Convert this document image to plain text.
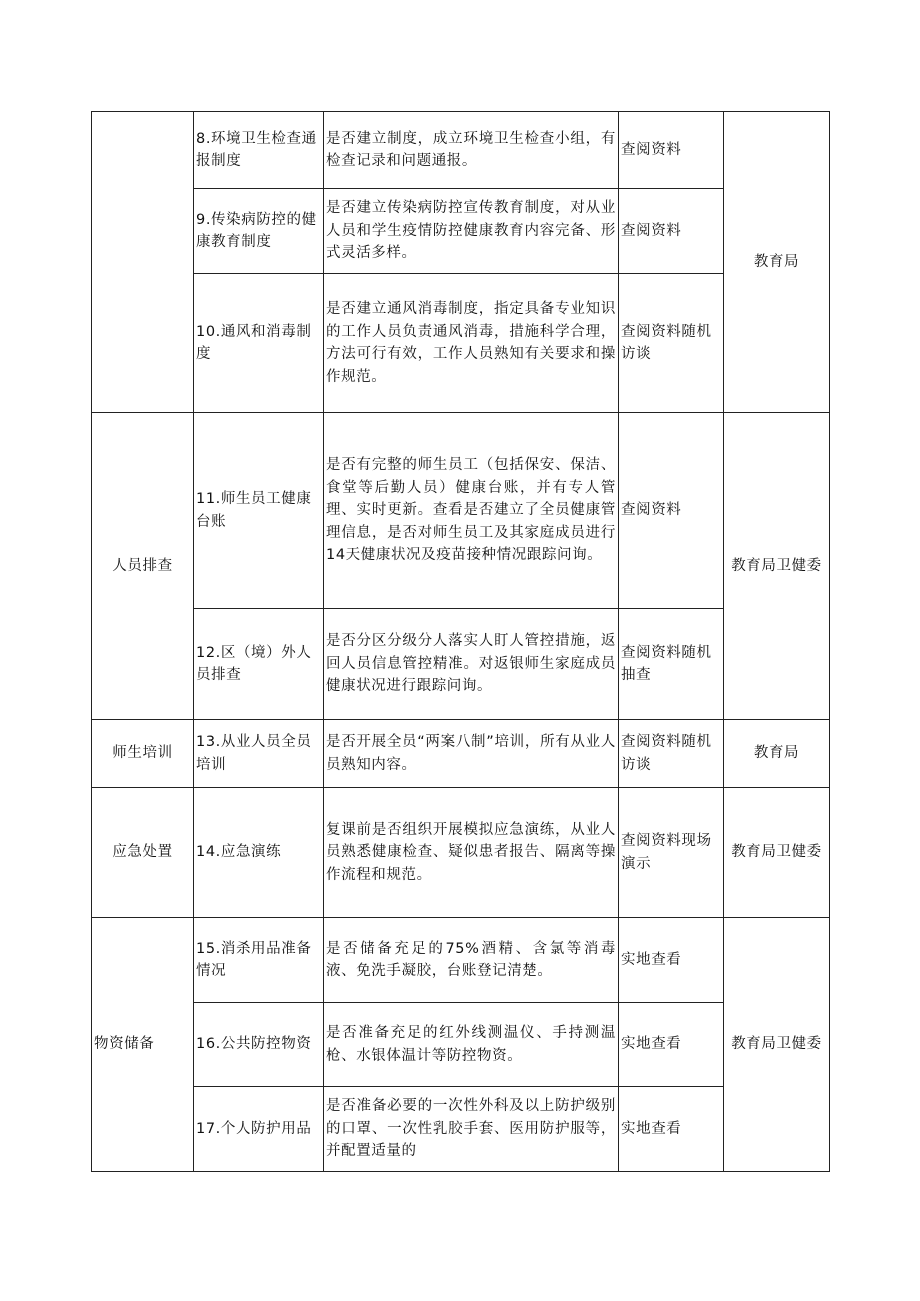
	8.环境卫生检查通报制度	是否建立制度，成立环境卫生检查小组，有检查记录和问题通报。	查阅资料	教育局
	9.传染病防控的健康教育制度	是否建立传染病防控宣传教育制度，对从业人员和学生疫情防控健康教育内容完备、形式灵活多样。	查阅资料	
	10.通风和消毒制度	是否建立通风消毒制度，指定具备专业知识的工作人员负责通风消毒，措施科学合理，方法可行有效，工作人员熟知有关要求和操作规范。	查阅资料随机访谈	
人员排查	11.师生员工健康台账	是否有完整的师生员工（包括保安、保洁、食堂等后勤人员）健康台账，并有专人管理、实时更新。查看是否建立了全员健康管理信息，是否对师生员工及其家庭成员进行14天健康状况及疫苗接种情况跟踪问询。	查阅资料	教育局卫健委
	12.区（境）外人员排查	是否分区分级分人落实人盯人管控措施，返回人员信息管控精准。对返银师生家庭成员健康状况进行跟踪问询。	查阅资料随机抽查	
师生培训	13.从业人员全员培训	是否开展全员“两案八制”培训，所有从业人员熟知内容。	查阅资料随机访谈	教育局
应急处置	14.应急演练	复课前是否组织开展模拟应急演练，从业人员熟悉健康检查、疑似患者报告、隔离等操作流程和规范。	查阅资料现场演示	教育局卫健委
物资储备	15.消杀用品准备情况	是否储备充足的75%酒精、含氯等消毒液、免洗手凝胶，台账登记清楚。	实地查看	教育局卫健委
	16.公共防控物资	是否准备充足的红外线测温仪、手持测温枪、水银体温计等防控物资。	实地查看	
	17.个人防护用品	是否准备必要的一次性外科及以上防护级别的口罩、一次性乳胶手套、医用防护服等，并配置适量的	实地查看	
